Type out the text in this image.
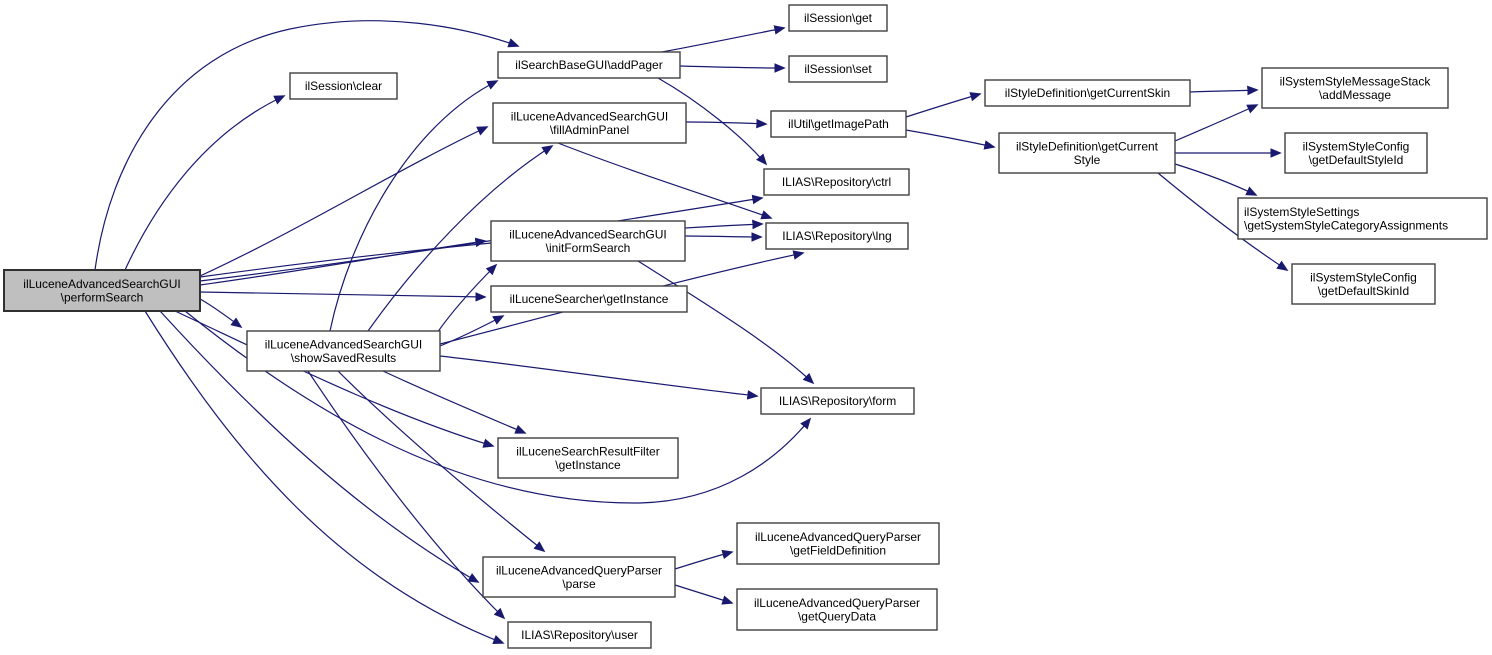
ilLuceneAdvancedSearchGUI
\performSearch
ilSession\clear
ilLuceneAdvancedSearchGUI
\showSavedResults
ilSearchBaseGUI\addPager
ilLuceneAdvancedSearchGUI
\fillAdminPanel
ilLuceneAdvancedSearchGUI
\initFormSearch
ilLuceneSearcher\getInstance
ilLuceneSearchResultFilter
\getInstance
ilLuceneAdvancedQueryParser
\parse
ILIAS\Repository\user
ilSession\get
ilSession\set
ilUtil\getImagePath
ILIAS\Repository\ctrl
ILIAS\Repository\lng
ILIAS\Repository\form
ilLuceneAdvancedQueryParser
\getFieldDefinition
ilLuceneAdvancedQueryParser
\getQueryData
ilStyleDefinition\getCurrentSkin
ilStyleDefinition\getCurrent
Style
ilSystemStyleMessageStack
\addMessage
ilSystemStyleConfig
\getDefaultStyleId
ilSystemStyleSettings
\getSystemStyleCategoryAssignments
ilSystemStyleConfig
\getDefaultSkinId
